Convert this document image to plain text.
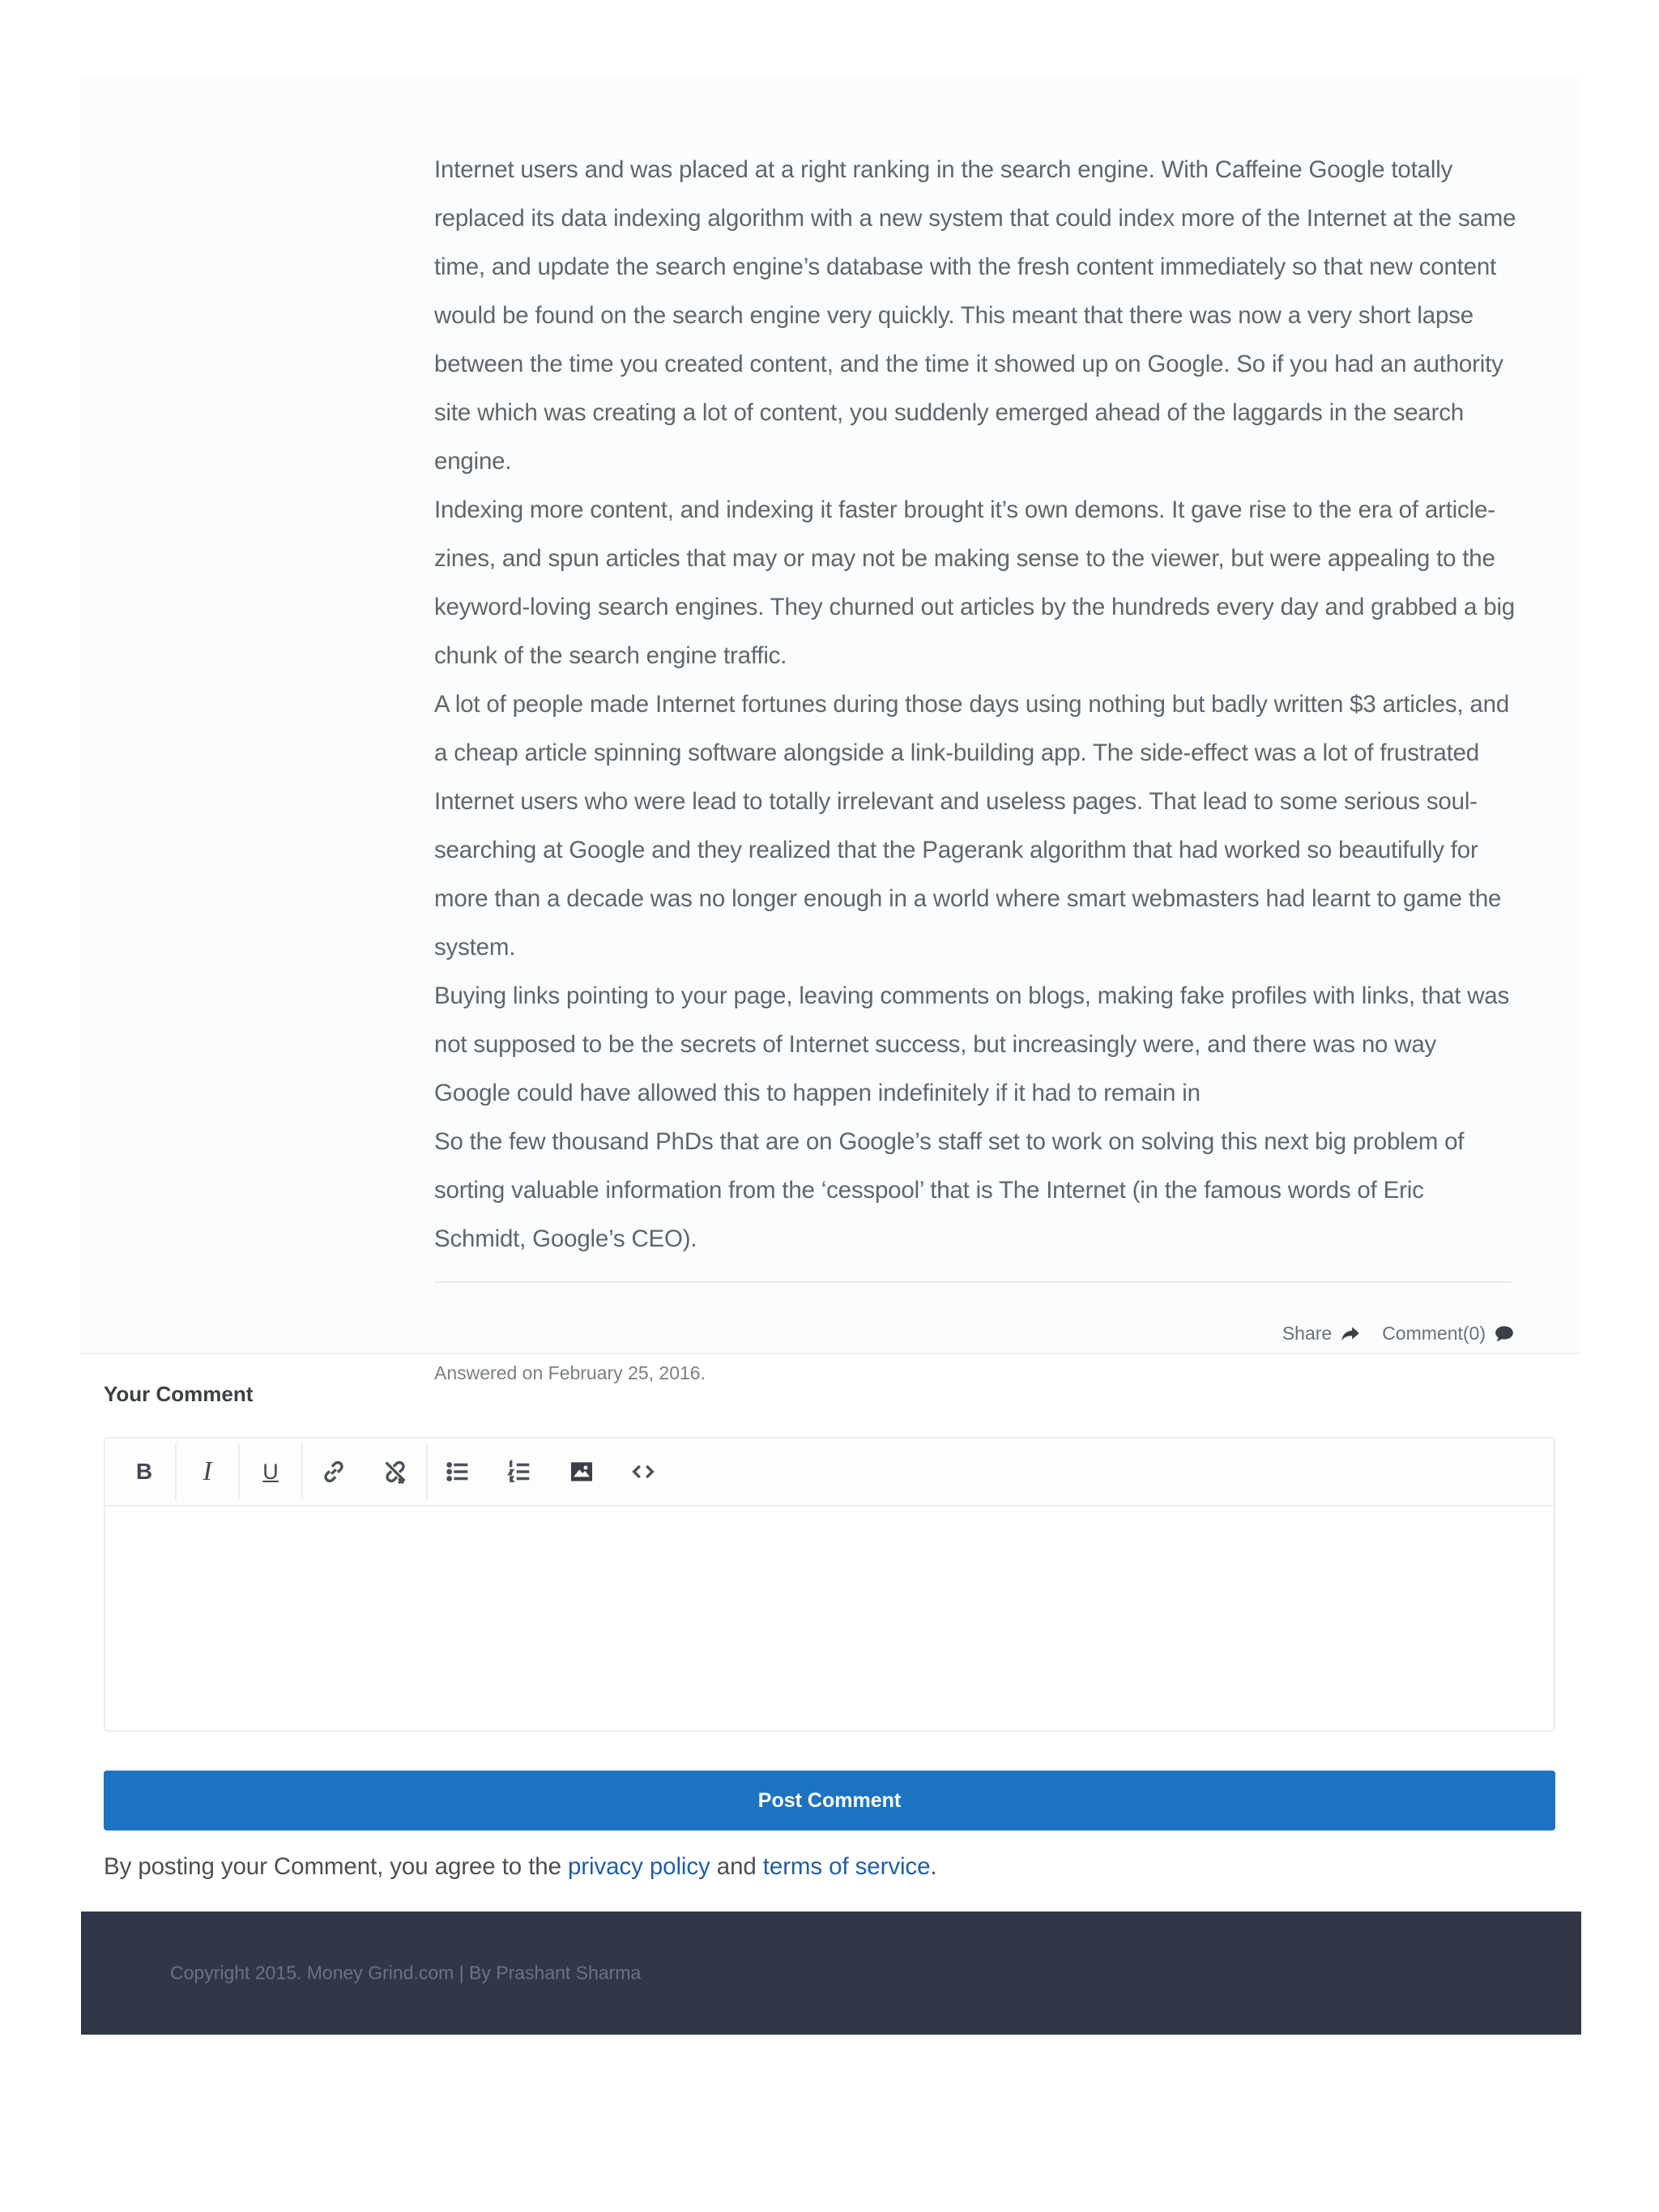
Internet users and was placed at a right ranking in the search engine. With Caffeine Google totally replaced its data indexing algorithm with a new system that could index more of the Internet at the same time, and update the search engine’s database with the fresh content immediately so that new content would be found on the search engine very quickly. This meant that there was now a very short lapse between the time you created content, and the time it showed up on Google. So if you had an authority site which was creating a lot of content, you suddenly emerged ahead of the laggards in the search engine.

Indexing more content, and indexing it faster brought it’s own demons. It gave rise to the era of article-zines, and spun articles that may or may not be making sense to the viewer, but were appealing to the keyword-loving search engines. They churned out articles by the hundreds every day and grabbed a big chunk of the search engine traffic.

A lot of people made Internet fortunes during those days using nothing but badly written $3 articles, and a cheap article spinning software alongside a link-building app. The side-effect was a lot of frustrated Internet users who were lead to totally irrelevant and useless pages. That lead to some serious soul-searching at Google and they realized that the Pagerank algorithm that had worked so beautifully for more than a decade was no longer enough in a world where smart webmasters had learnt to game the system.

Buying links pointing to your page, leaving comments on blogs, making fake profiles with links, that was not supposed to be the secrets of Internet success, but increasingly were, and there was no way Google could have allowed this to happen indefinitely if it had to remain in

So the few thousand PhDs that are on Google’s staff set to work on solving this next big problem of sorting valuable information from the ‘cesspool’ that is The Internet (in the famous words of Eric Schmidt, Google’s CEO).

Share	Comment(0)
Answered on February 25, 2016.
Your Comment
B I U
Post Comment
By posting your Comment, you agree to the privacy policy and terms of service.
Copyright 2015. Money Grind.com | By Prashant Sharma
